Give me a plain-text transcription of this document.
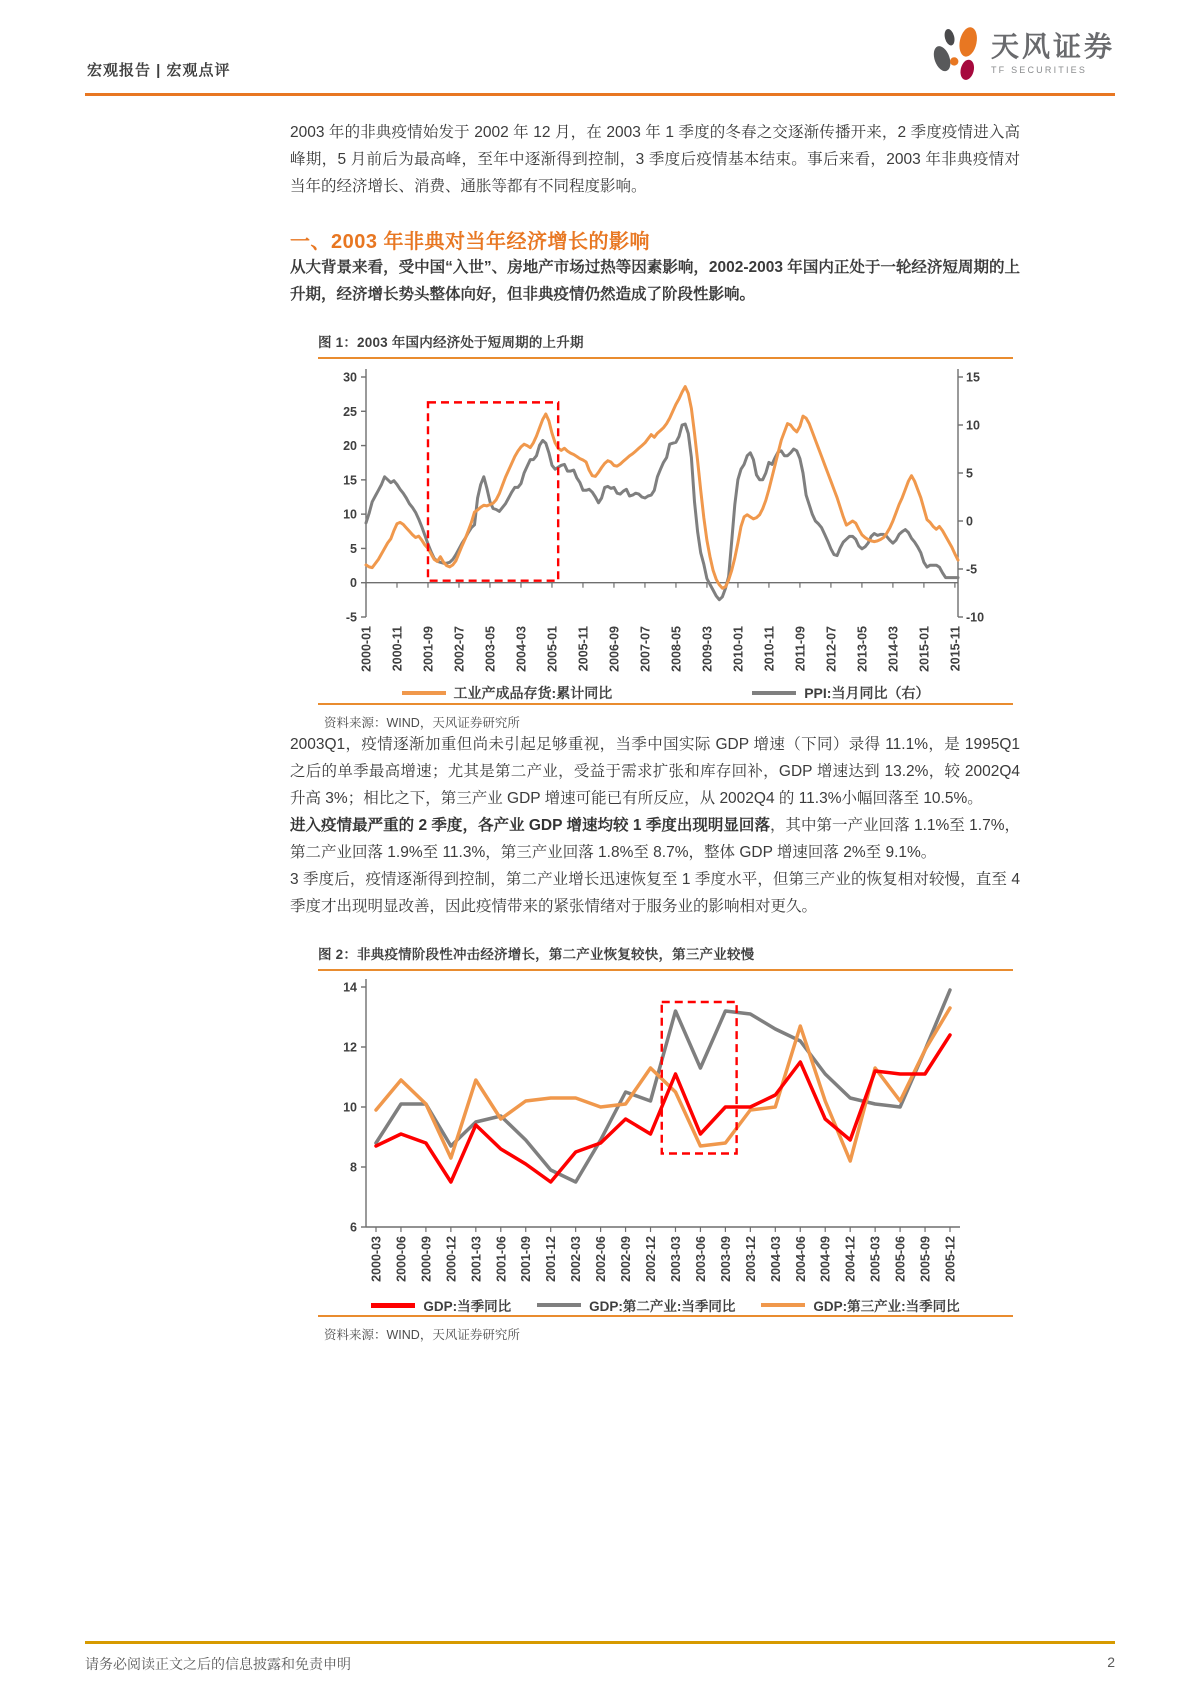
宏观报告 | 宏观点评
天风证券
TF SECURITIES

2003 年的非典疫情始发于 2002 年 12 月，在 2003 年 1 季度的冬春之交逐渐传播开来，2 季度疫情进入高峰期，5 月前后为最高峰，至年中逐渐得到控制，3 季度后疫情基本结束。事后来看，2003 年非典疫情对当年的经济增长、消费、通胀等都有不同程度影响。

一、2003 年非典对当年经济增长的影响

从大背景来看，受中国“入世”、房地产市场过热等因素影响，2002-2003 年国内正处于一轮经济短周期的上升期，经济增长势头整体向好，但非典疫情仍然造成了阶段性影响。

图 1：2003 年国内经济处于短周期的上升期
30
25
20
15
10
5
0
-5
15
10
5
0
-5
-10
2000-01 2000-11 2001-09 2002-07 2003-05 2004-03 2005-01 2005-11 2006-09 2007-07 2008-05 2009-03 2010-01 2010-11 2011-09 2012-07 2013-05 2014-03 2015-01 2015-11
工业产成品存货:累计同比	PPI:当月同比（右）
资料来源：WIND，天风证券研究所

2003Q1，疫情逐渐加重但尚未引起足够重视，当季中国实际 GDP 增速（下同）录得 11.1%，是 1995Q1 之后的单季最高增速；尤其是第二产业，受益于需求扩张和库存回补，GDP 增速达到 13.2%，较 2002Q4 升高 3%；相比之下，第三产业 GDP 增速可能已有所反应，从 2002Q4 的 11.3%小幅回落至 10.5%。

进入疫情最严重的 2 季度，各产业 GDP 增速均较 1 季度出现明显回落，其中第一产业回落 1.1%至 1.7%，第二产业回落 1.9%至 11.3%，第三产业回落 1.8%至 8.7%，整体 GDP 增速回落 2%至 9.1%。

3 季度后，疫情逐渐得到控制，第二产业增长迅速恢复至 1 季度水平，但第三产业的恢复相对较慢，直至 4 季度才出现明显改善，因此疫情带来的紧张情绪对于服务业的影响相对更久。

图 2：非典疫情阶段性冲击经济增长，第二产业恢复较快，第三产业较慢
14
12
10
8
6
2000-03 2000-06 2000-09 2000-12 2001-03 2001-06 2001-09 2001-12 2002-03 2002-06 2002-09 2002-12 2003-03 2003-06 2003-09 2003-12 2004-03 2004-06 2004-09 2004-12 2005-03 2005-06 2005-09 2005-12
GDP:当季同比	GDP:第二产业:当季同比	GDP:第三产业:当季同比
资料来源：WIND，天风证券研究所
请务必阅读正文之后的信息披露和免责申明	2
